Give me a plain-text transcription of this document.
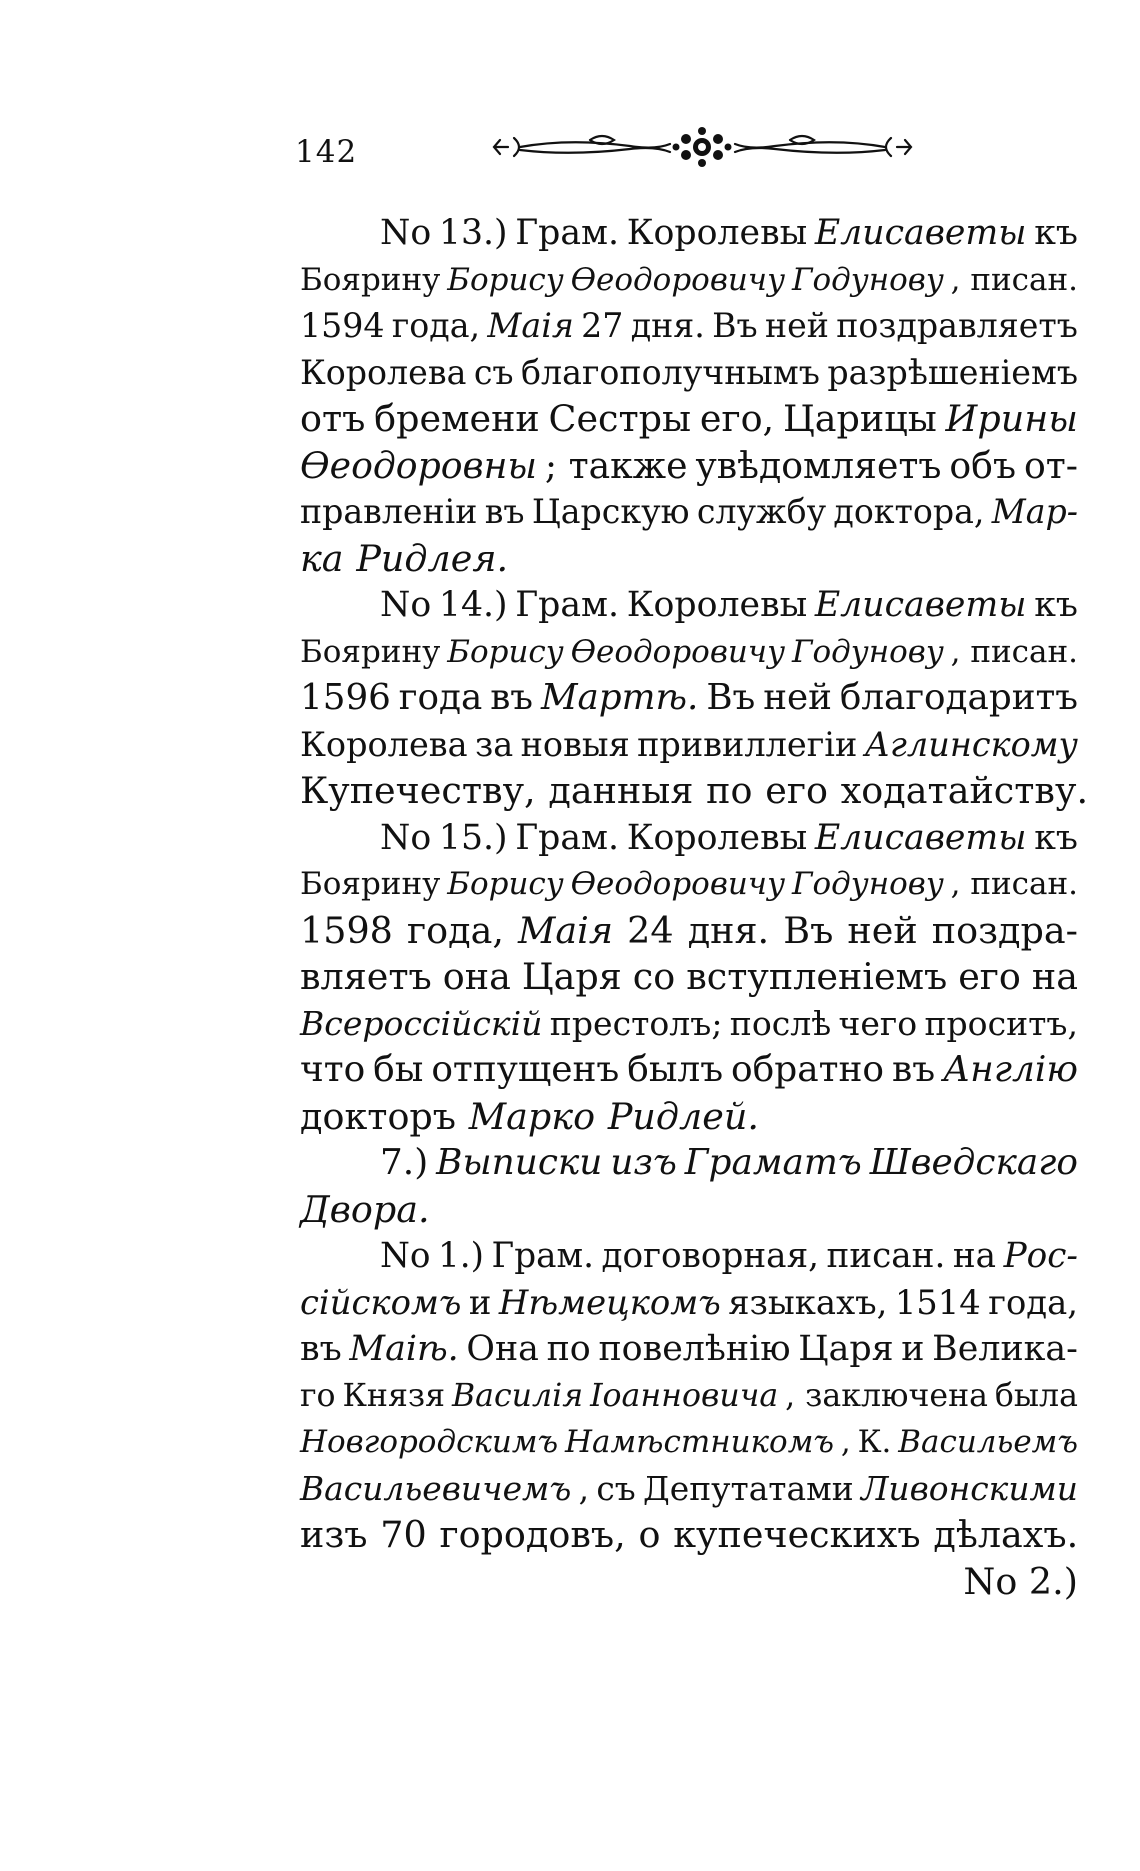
142
No 13.) Грам. Королевы Елисаветы къ
Боярину Борису Ѳеодоровичу Годунову , писан.
1594 года, Маія 27 дня. Въ ней поздравляетъ
Королева съ благополучнымъ разрѣшеніемъ
отъ бремени Сестры его, Царицы Ирины
Ѳеодоровны ; также увѣдомляетъ объ от-
правленіи въ Царскую службу доктора, Мар-
ка Ридлея.
No 14.) Грам. Королевы Елисаветы къ
Боярину Борису Ѳеодоровичу Годунову , писан.
1596 года въ Мартѣ. Въ ней благодаритъ
Королева за новыя привиллегіи Аглинскому
Купечеству, данныя по его ходатайству.
No 15.) Грам. Королевы Елисаветы къ
Боярину Борису Ѳеодоровичу Годунову , писан.
1598 года, Маія 24 дня. Въ ней поздра-
вляетъ она Царя со вступленіемъ его на
Всероссійскій престолъ; послѣ чего проситъ,
что бы отпущенъ былъ обратно въ Англію
докторъ Марко Ридлей.
7.) Выписки изъ Граматъ Шведскаго
Двора.
No 1.) Грам. договорная, писан. на Рос-
сійскомъ и Нѣмецкомъ языкахъ, 1514 года,
въ Маіѣ. Она по повелѣнію Царя и Велика-
го Князя Василія Іоанновича , заключена была
Новгородскимъ Намѣстникомъ , К. Васильемъ
Васильевичемъ , съ Депутатами Ливонскими
изъ 70 городовъ, о купеческихъ дѣлахъ.
No 2.)
